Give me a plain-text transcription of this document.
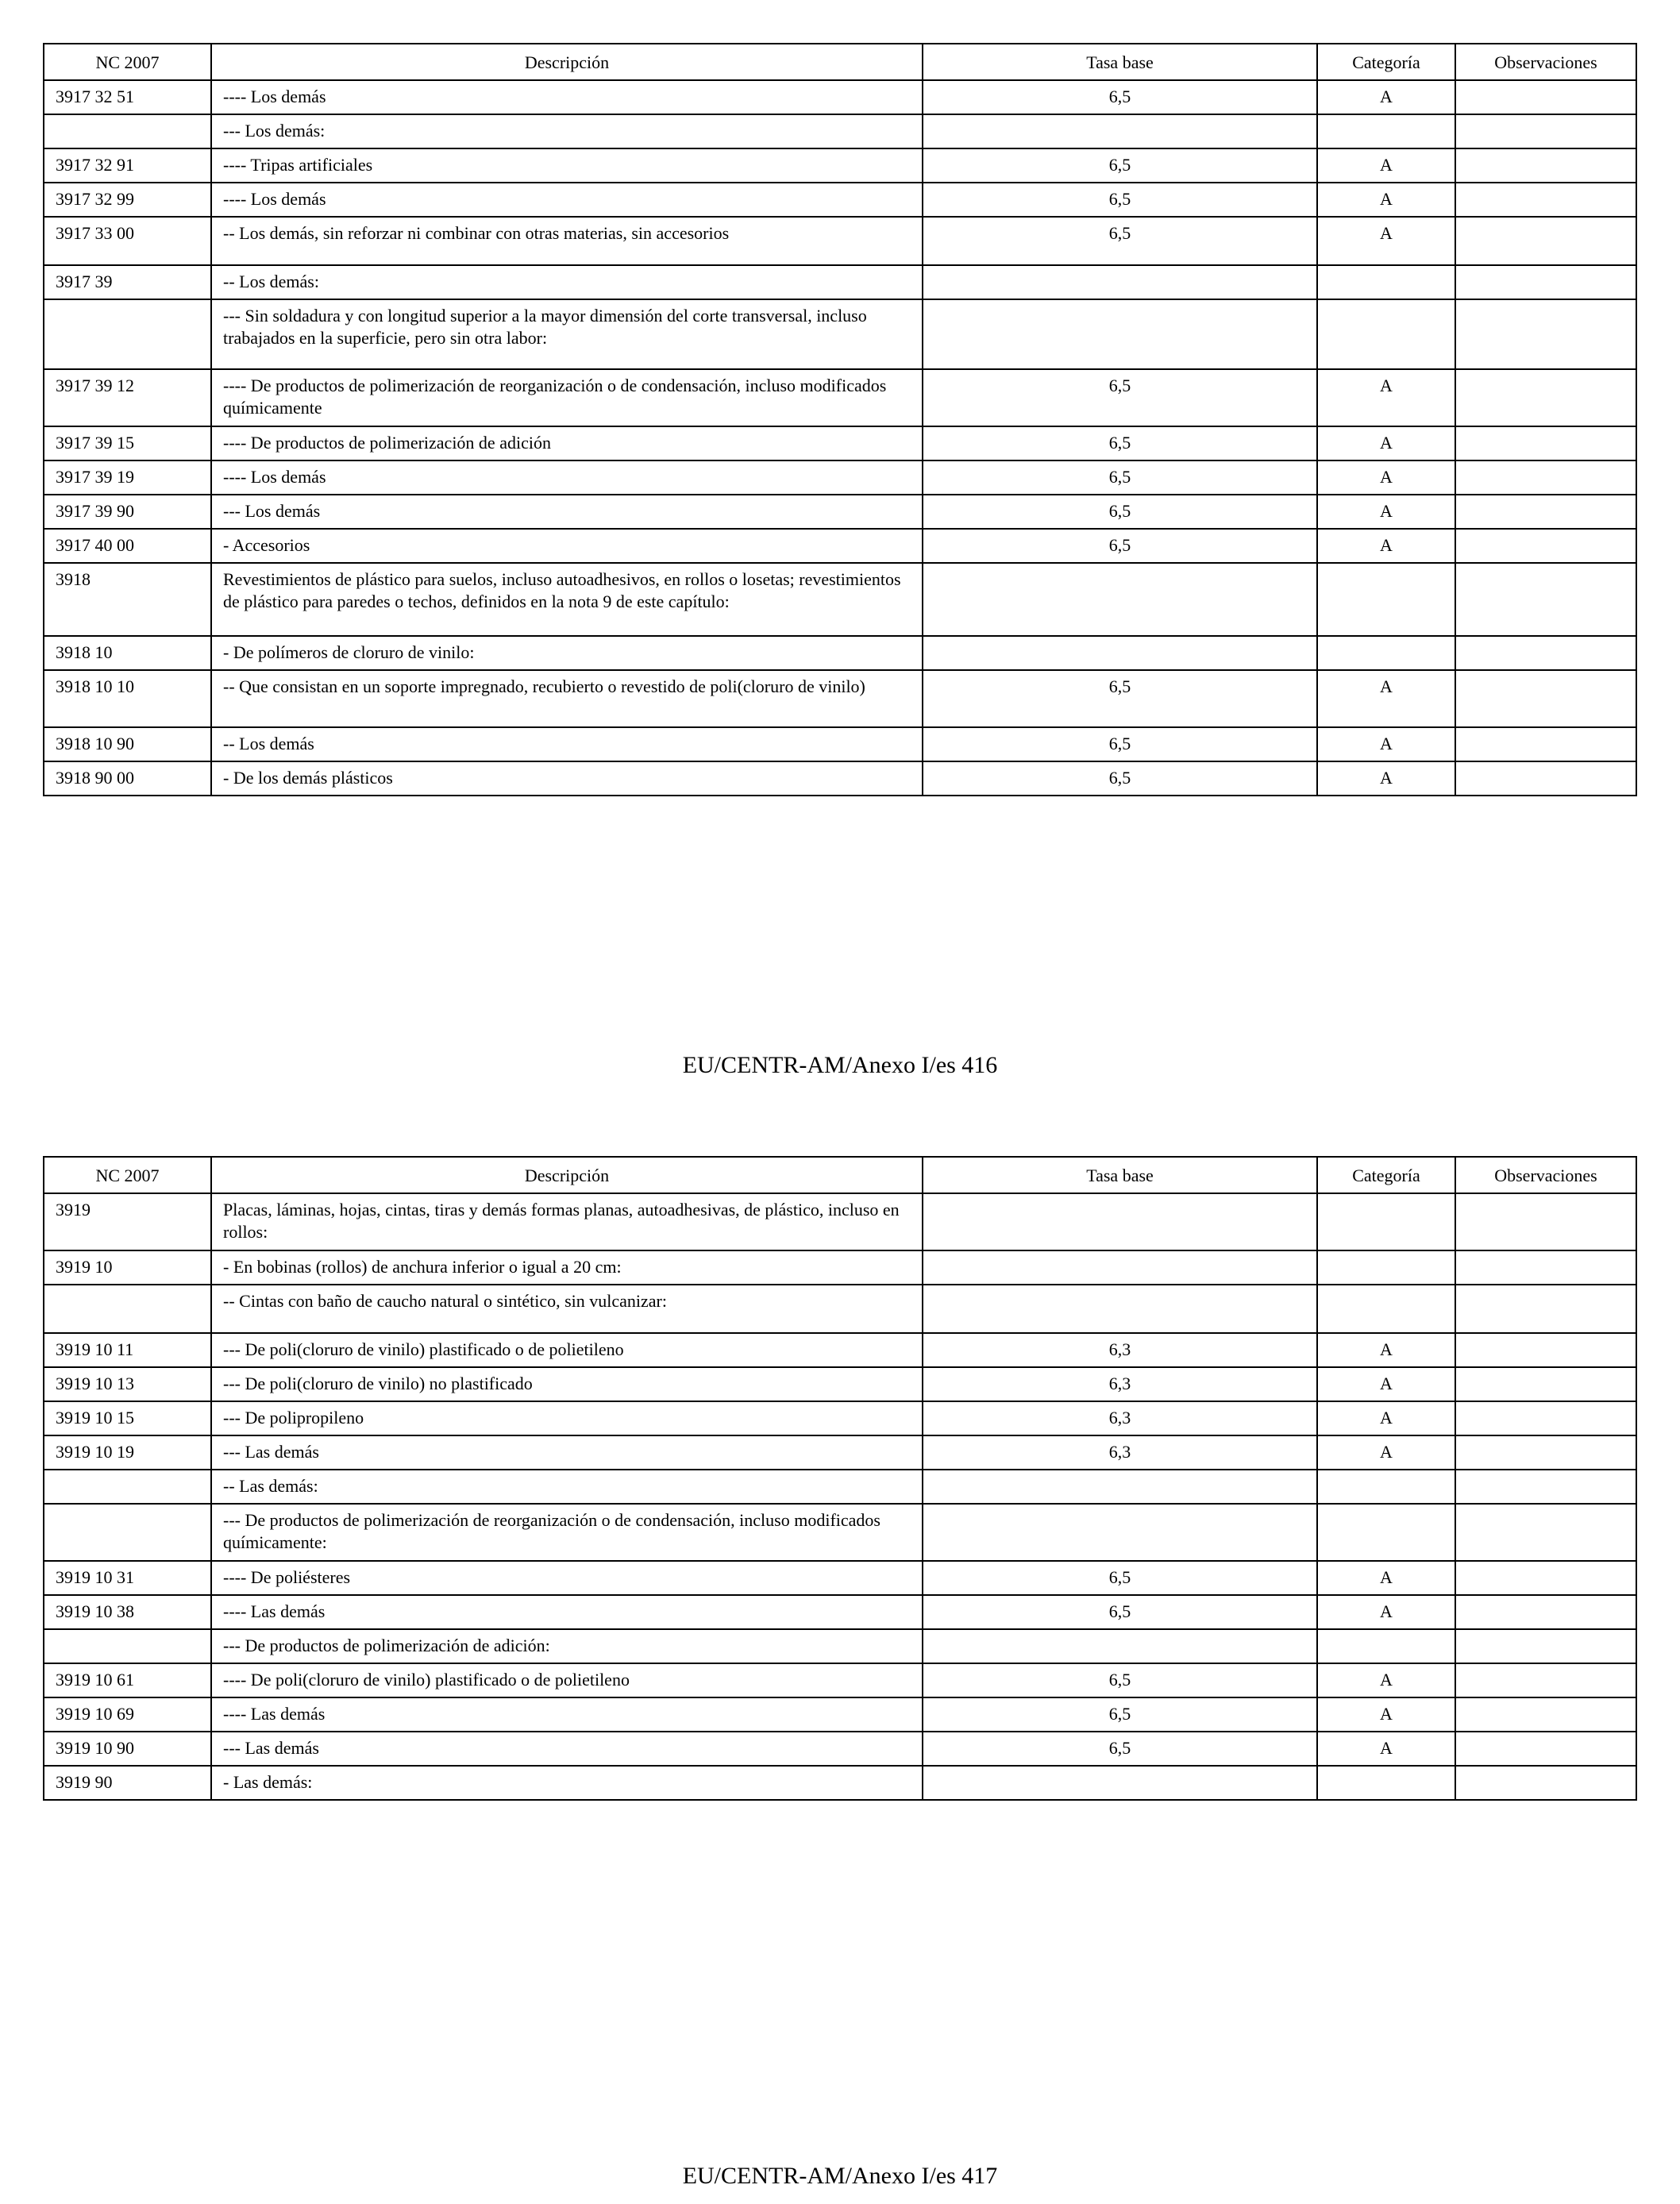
NC 2007	Descripción	Tasa base	Categoría	Observaciones
3917 32 51	---- Los demás	6,5	A	
	--- Los demás:			
3917 32 91	---- Tripas artificiales	6,5	A	
3917 32 99	---- Los demás	6,5	A	
3917 33 00	-- Los demás, sin reforzar ni combinar con otras materias, sin accesorios	6,5	A	
3917 39	-- Los demás:			
	--- Sin soldadura y con longitud superior a la mayor dimensión del corte transversal, incluso trabajados en la superficie, pero sin otra labor:			
3917 39 12	---- De productos de polimerización de reorganización o de condensación, incluso modificados químicamente	6,5	A	
3917 39 15	---- De productos de polimerización de adición	6,5	A	
3917 39 19	---- Los demás	6,5	A	
3917 39 90	--- Los demás	6,5	A	
3917 40 00	- Accesorios	6,5	A	
3918	Revestimientos de plástico para suelos, incluso autoadhesivos, en rollos o losetas; revestimientos de plástico para paredes o techos, definidos en la nota 9 de este capítulo:			
3918 10	- De polímeros de cloruro de vinilo:			
3918 10 10	-- Que consistan en un soporte impregnado, recubierto o revestido de poli(cloruro de vinilo)	6,5	A	
3918 10 90	-- Los demás	6,5	A	
3918 90 00	- De los demás plásticos	6,5	A	
EU/CENTR-AM/Anexo I/es 416
NC 2007	Descripción	Tasa base	Categoría	Observaciones
3919	Placas, láminas, hojas, cintas, tiras y demás formas planas, autoadhesivas, de plástico, incluso en rollos:			
3919 10	- En bobinas (rollos) de anchura inferior o igual a 20 cm:			
	-- Cintas con baño de caucho natural o sintético, sin vulcanizar:			
3919 10 11	--- De poli(cloruro de vinilo) plastificado o de polietileno	6,3	A	
3919 10 13	--- De poli(cloruro de vinilo) no plastificado	6,3	A	
3919 10 15	--- De polipropileno	6,3	A	
3919 10 19	--- Las demás	6,3	A	
	-- Las demás:			
	--- De productos de polimerización de reorganización o de condensación, incluso modificados químicamente:			
3919 10 31	---- De poliésteres	6,5	A	
3919 10 38	---- Las demás	6,5	A	
	--- De productos de polimerización de adición:			
3919 10 61	---- De poli(cloruro de vinilo) plastificado o de polietileno	6,5	A	
3919 10 69	---- Las demás	6,5	A	
3919 10 90	--- Las demás	6,5	A	
3919 90	- Las demás:			
EU/CENTR-AM/Anexo I/es 417
